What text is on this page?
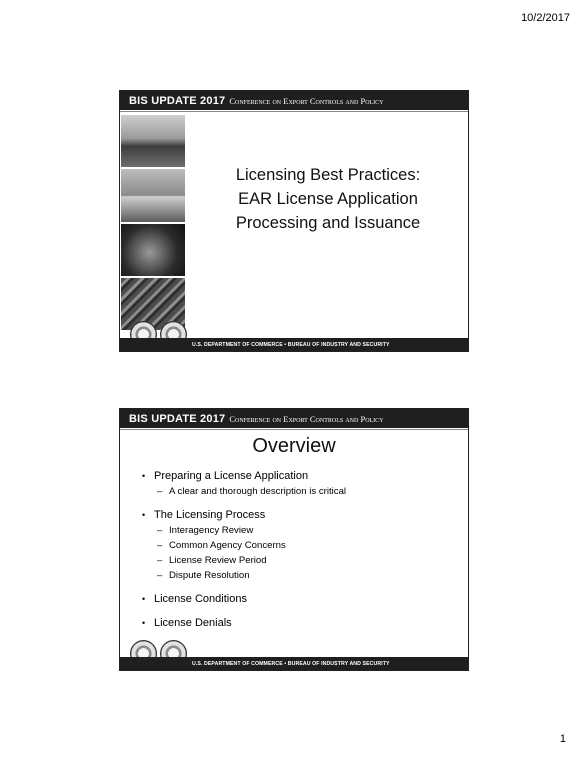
10/2/2017
BIS UPDATE 2017 Conference on Export Controls and Policy
Licensing Best Practices:
EAR License Application
Processing and Issuance
U.S. DEPARTMENT OF COMMERCE • BUREAU OF INDUSTRY AND SECURITY
BIS UPDATE 2017 Conference on Export Controls and Policy
Overview
• Preparing a License Application
– A clear and thorough description is critical
• The Licensing Process
– Interagency Review
– Common Agency Concerns
– License Review Period
– Dispute Resolution
• License Conditions
• License Denials
U.S. DEPARTMENT OF COMMERCE • BUREAU OF INDUSTRY AND SECURITY
1
